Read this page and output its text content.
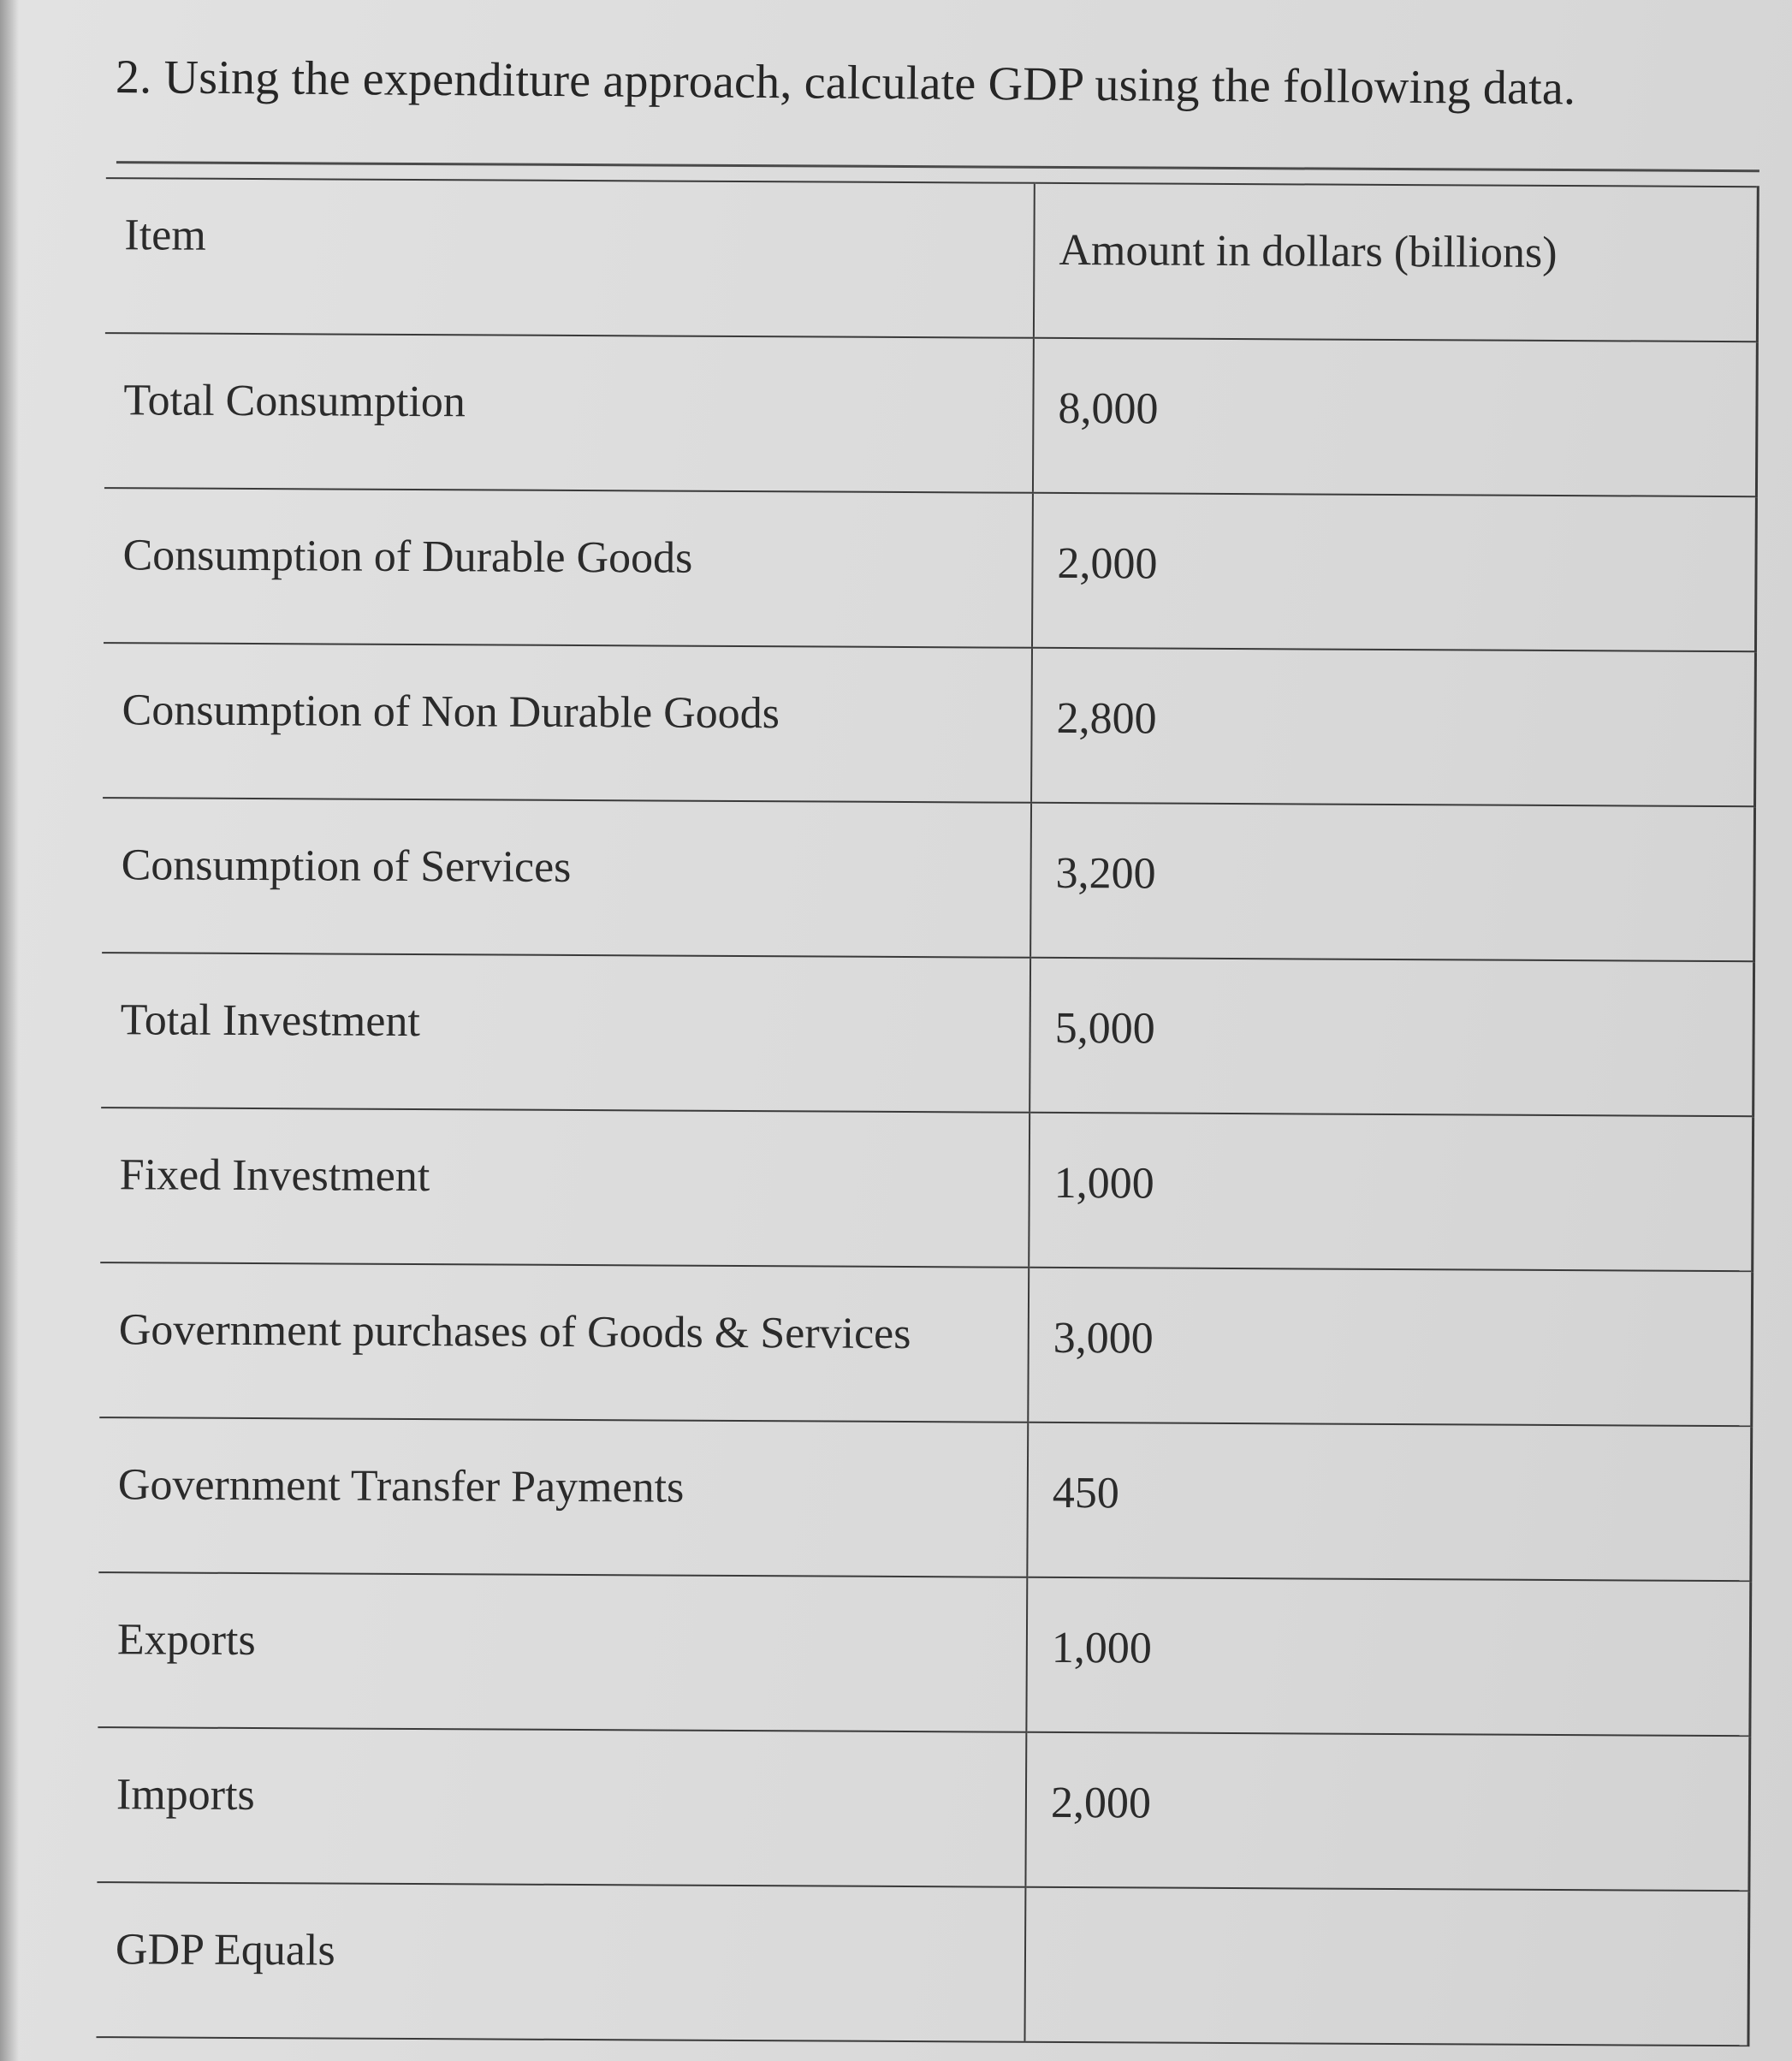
2. Using the expenditure approach, calculate GDP using the following data.
Item	Amount in dollars (billions)
Total Consumption	8,000
Consumption of Durable Goods	2,000
Consumption of Non Durable Goods	2,800
Consumption of Services	3,200
Total Investment	5,000
Fixed Investment	1,000
Government purchases of Goods & Services	3,000
Government Transfer Payments	450
Exports	1,000
Imports	2,000
GDP Equals	
